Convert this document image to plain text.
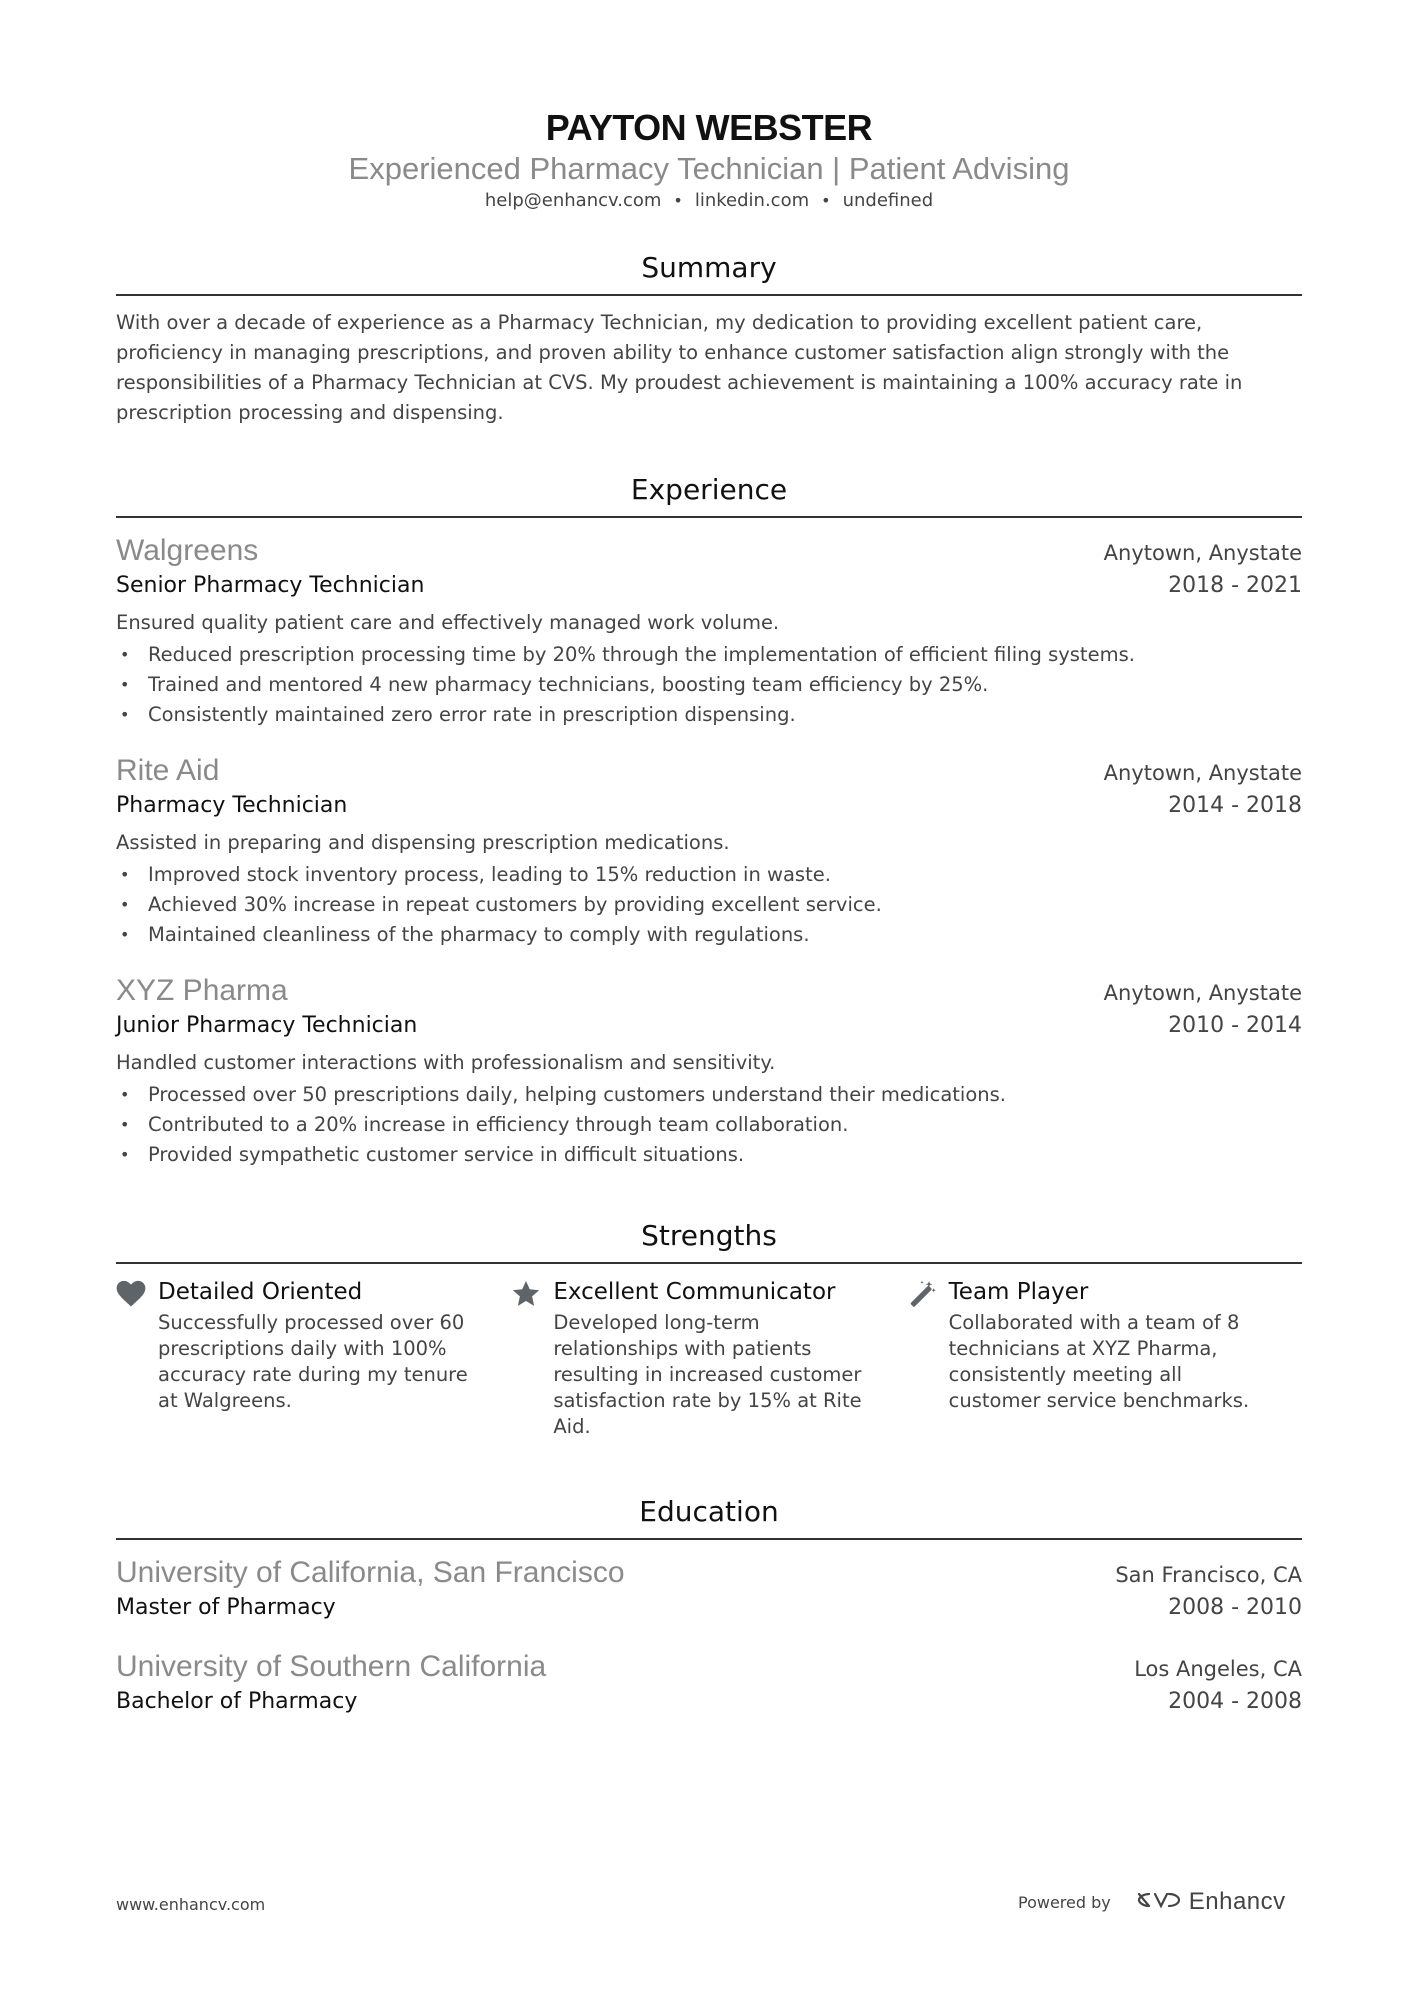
PAYTON WEBSTER
Experienced Pharmacy Technician | Patient Advising
help@enhancv.com • linkedin.com • undefined
Summary
With over a decade of experience as a Pharmacy Technician, my dedication to providing excellent patient care, proficiency in managing prescriptions, and proven ability to enhance customer satisfaction align strongly with the responsibilities of a Pharmacy Technician at CVS. My proudest achievement is maintaining a 100% accuracy rate in prescription processing and dispensing.
Experience
Walgreens	Anytown, Anystate
Senior Pharmacy Technician	2018 - 2021
Ensured quality patient care and effectively managed work volume.
• Reduced prescription processing time by 20% through the implementation of efficient filing systems.
• Trained and mentored 4 new pharmacy technicians, boosting team efficiency by 25%.
• Consistently maintained zero error rate in prescription dispensing.
Rite Aid	Anytown, Anystate
Pharmacy Technician	2014 - 2018
Assisted in preparing and dispensing prescription medications.
• Improved stock inventory process, leading to 15% reduction in waste.
• Achieved 30% increase in repeat customers by providing excellent service.
• Maintained cleanliness of the pharmacy to comply with regulations.
XYZ Pharma	Anytown, Anystate
Junior Pharmacy Technician	2010 - 2014
Handled customer interactions with professionalism and sensitivity.
• Processed over 50 prescriptions daily, helping customers understand their medications.
• Contributed to a 20% increase in efficiency through team collaboration.
• Provided sympathetic customer service in difficult situations.
Strengths
Detailed Oriented
Successfully processed over 60 prescriptions daily with 100% accuracy rate during my tenure at Walgreens.
Excellent Communicator
Developed long-term relationships with patients resulting in increased customer satisfaction rate by 15% at Rite Aid.
Team Player
Collaborated with a team of 8 technicians at XYZ Pharma, consistently meeting all customer service benchmarks.
Education
University of California, San Francisco	San Francisco, CA
Master of Pharmacy	2008 - 2010
University of Southern California	Los Angeles, CA
Bachelor of Pharmacy	2004 - 2008
www.enhancv.com	Powered by	Enhancv
